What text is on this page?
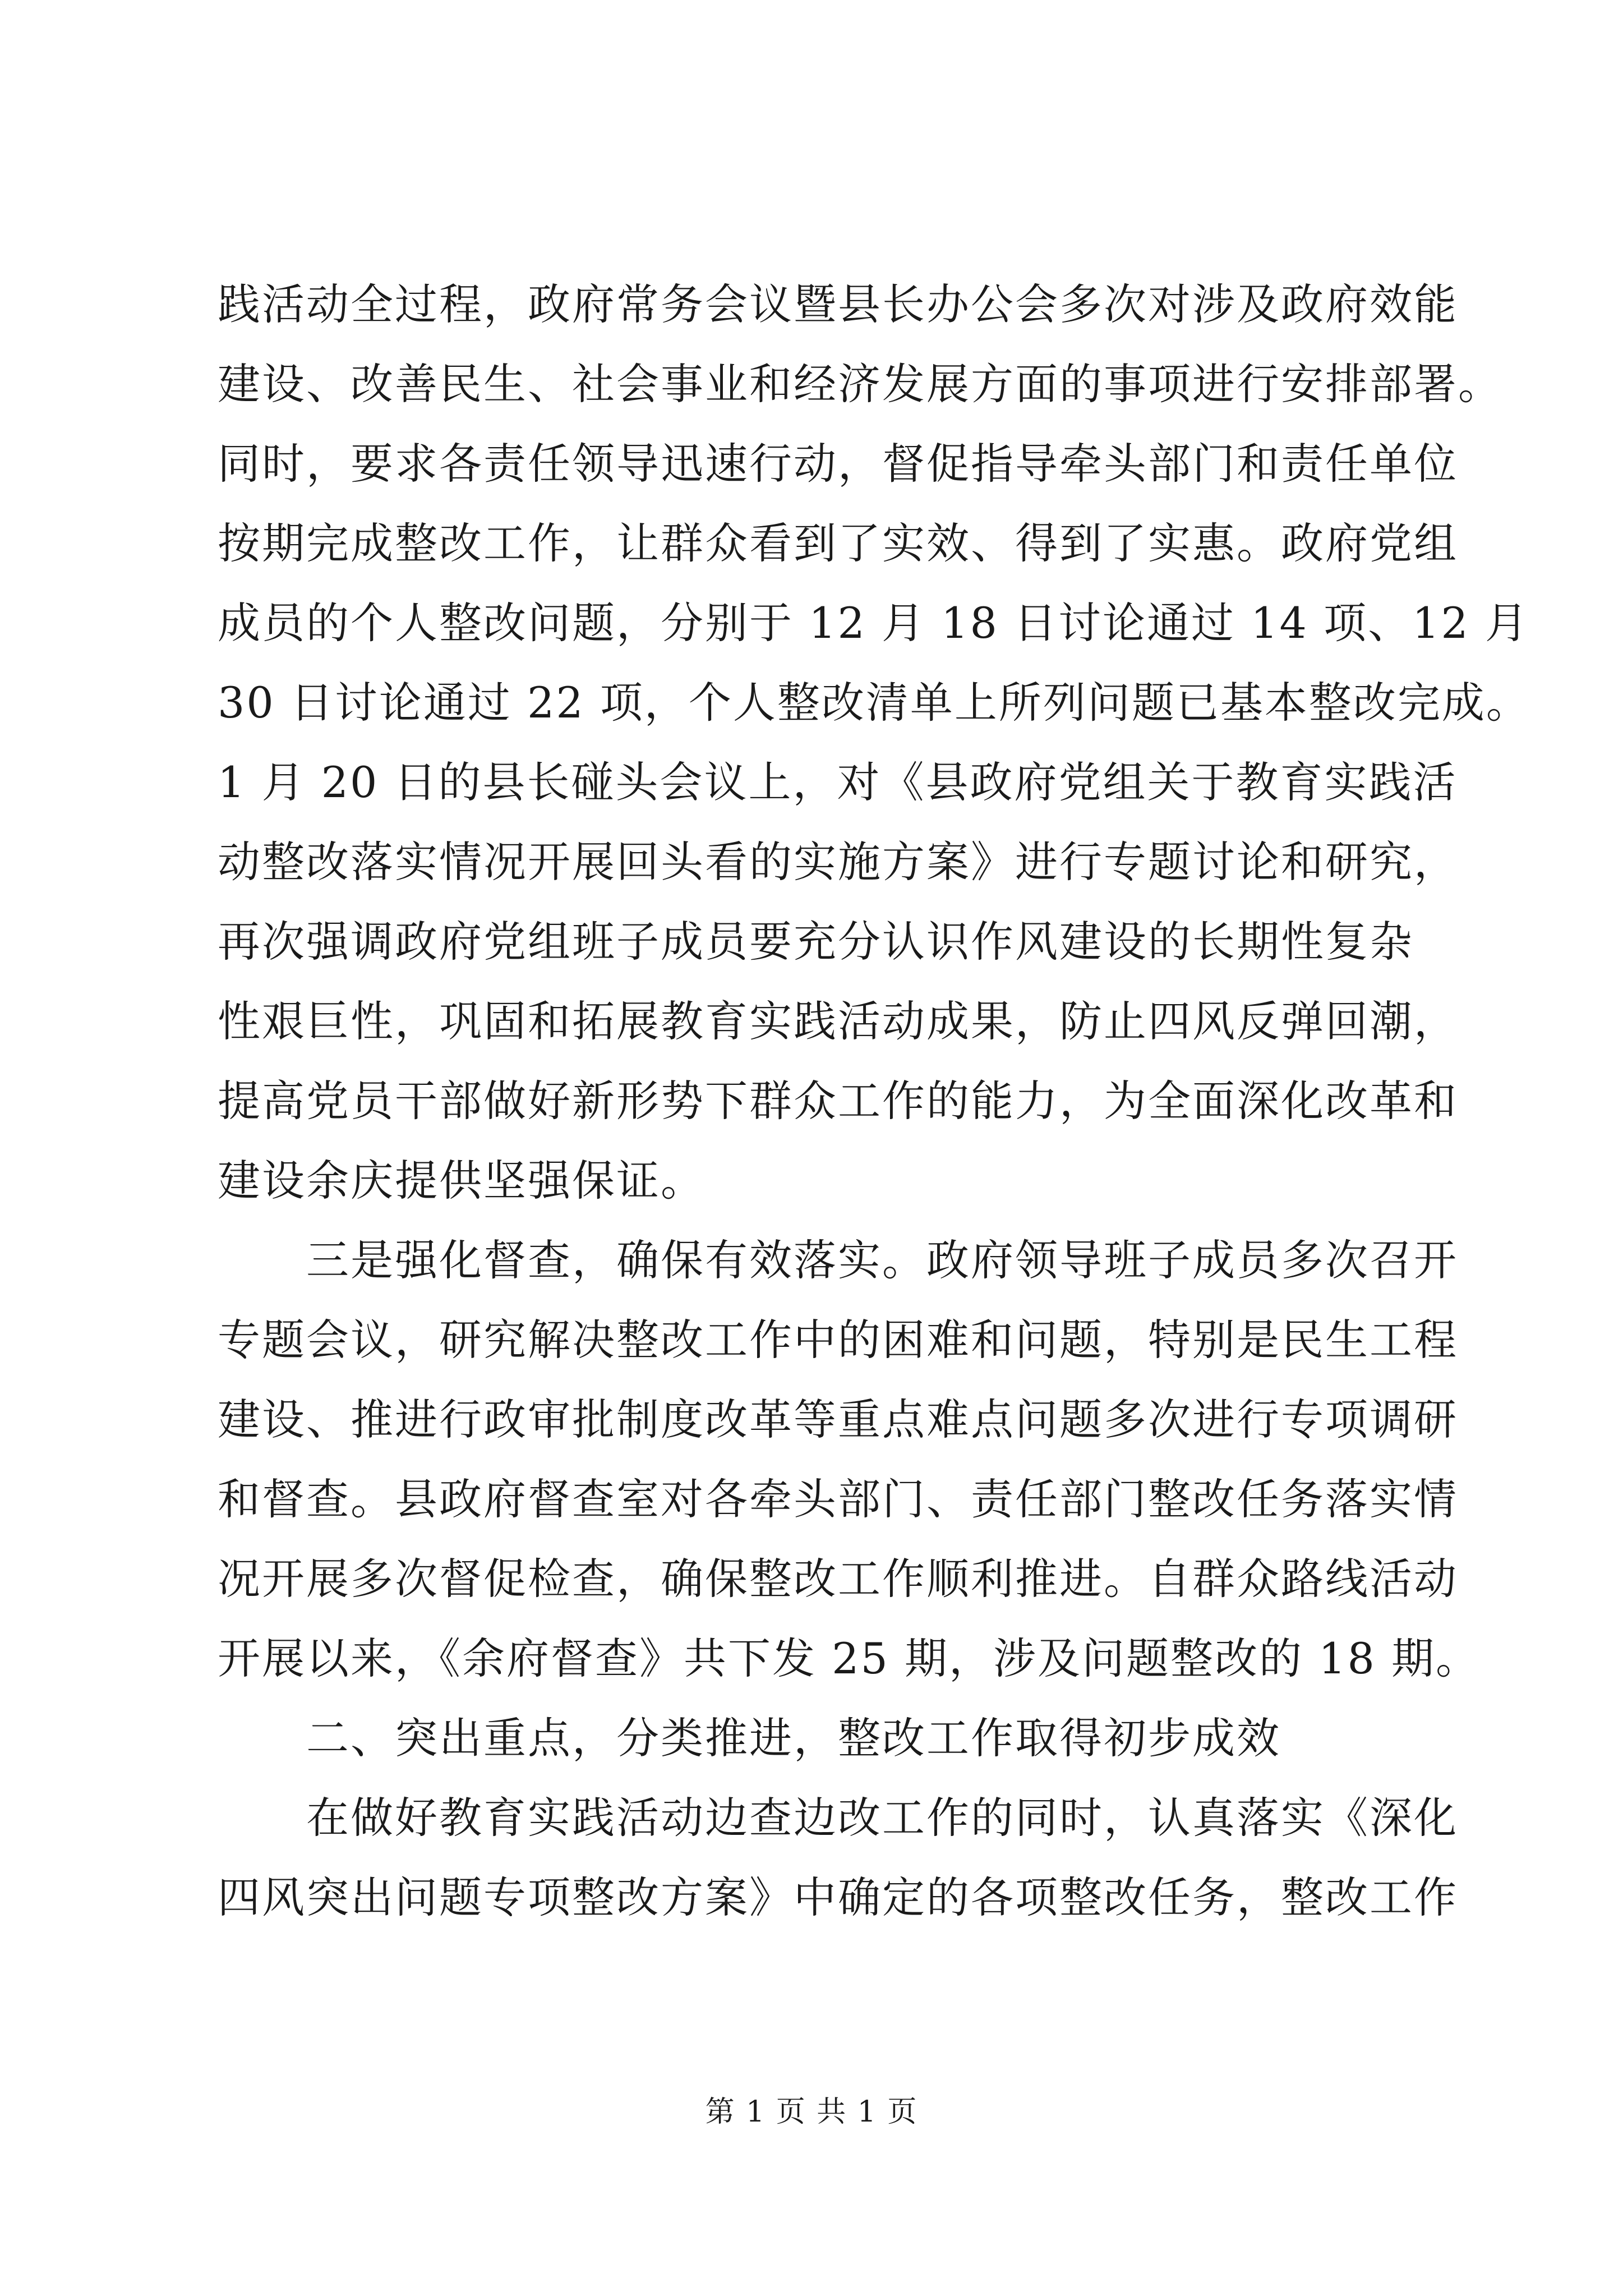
践活动全过程，政府常务会议暨县长办公会多次对涉及政府效能
建设、改善民生、社会事业和经济发展方面的事项进行安排部署。
同时，要求各责任领导迅速行动，督促指导牵头部门和责任单位
按期完成整改工作，让群众看到了实效、得到了实惠。政府党组
成员的个人整改问题，分别于 12 月 18 日讨论通过 14 项、12 月
30 日讨论通过 22 项，个人整改清单上所列问题已基本整改完成。
1 月 20 日的县长碰头会议上，对《县政府党组关于教育实践活
动整改落实情况开展回头看的实施方案》进行专题讨论和研究，
再次强调政府党组班子成员要充分认识作风建设的长期性复杂
性艰巨性，巩固和拓展教育实践活动成果，防止四风反弹回潮，
提高党员干部做好新形势下群众工作的能力，为全面深化改革和
建设余庆提供坚强保证。
三是强化督查，确保有效落实。政府领导班子成员多次召开
专题会议，研究解决整改工作中的困难和问题，特别是民生工程
建设、推进行政审批制度改革等重点难点问题多次进行专项调研
和督查。县政府督查室对各牵头部门、责任部门整改任务落实情
况开展多次督促检查，确保整改工作顺利推进。自群众路线活动
开展以来，《余府督查》共下发 25 期，涉及问题整改的 18 期。
二、突出重点，分类推进，整改工作取得初步成效
在做好教育实践活动边查边改工作的同时，认真落实《深化
四风突出问题专项整改方案》中确定的各项整改任务，整改工作
第 1 页 共 1 页
